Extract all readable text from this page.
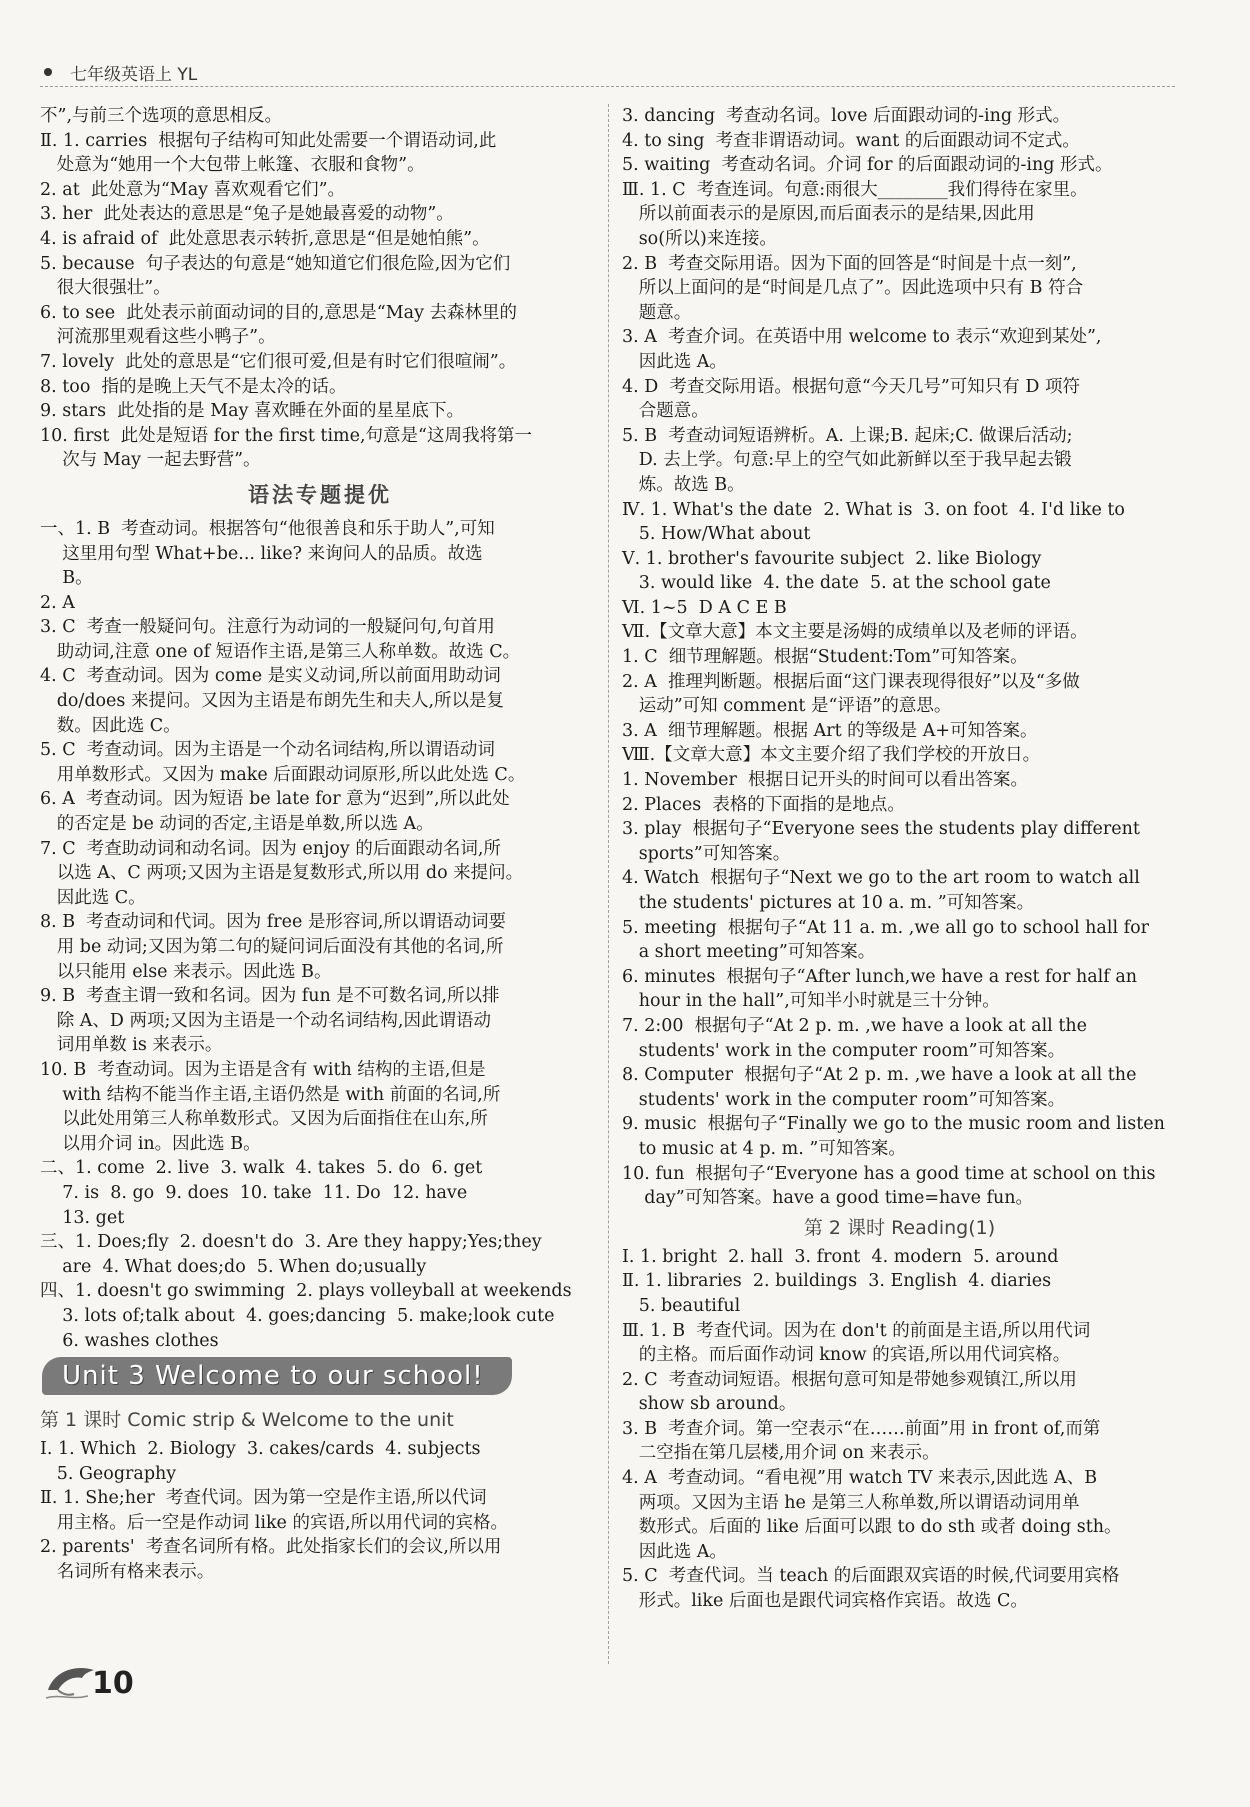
七年级英语上 YL
不”,与前三个选项的意思相反。
Ⅱ. 1. carries  根据句子结构可知此处需要一个谓语动词,此
处意为“她用一个大包带上帐篷、衣服和食物”。
2. at  此处意为“May 喜欢观看它们”。
3. her  此处表达的意思是“兔子是她最喜爱的动物”。
4. is afraid of  此处意思表示转折,意思是“但是她怕熊”。
5. because  句子表达的句意是“她知道它们很危险,因为它们
很大很强壮”。
6. to see  此处表示前面动词的目的,意思是“May 去森林里的
河流那里观看这些小鸭子”。
7. lovely  此处的意思是“它们很可爱,但是有时它们很喧闹”。
8. too  指的是晚上天气不是太冷的话。
9. stars  此处指的是 May 喜欢睡在外面的星星底下。
10. first  此处是短语 for the first time,句意是“这周我将第一
次与 May 一起去野营”。
语法专题提优
一、1. B  考查动词。根据答句“他很善良和乐于助人”,可知
这里用句型 What+be... like? 来询问人的品质。故选
B。
2. A
3. C  考查一般疑问句。注意行为动词的一般疑问句,句首用
助动词,注意 one of 短语作主语,是第三人称单数。故选 C。
4. C  考查动词。因为 come 是实义动词,所以前面用助动词
do/does 来提问。又因为主语是布朗先生和夫人,所以是复
数。因此选 C。
5. C  考查动词。因为主语是一个动名词结构,所以谓语动词
用单数形式。又因为 make 后面跟动词原形,所以此处选 C。
6. A  考查动词。因为短语 be late for 意为“迟到”,所以此处
的否定是 be 动词的否定,主语是单数,所以选 A。
7. C  考查助动词和动名词。因为 enjoy 的后面跟动名词,所
以选 A、C 两项;又因为主语是复数形式,所以用 do 来提问。
因此选 C。
8. B  考查动词和代词。因为 free 是形容词,所以谓语动词要
用 be 动词;又因为第二句的疑问词后面没有其他的名词,所
以只能用 else 来表示。因此选 B。
9. B  考查主谓一致和名词。因为 fun 是不可数名词,所以排
除 A、D 两项;又因为主语是一个动名词结构,因此谓语动
词用单数 is 来表示。
10. B  考查动词。因为主语是含有 with 结构的主语,但是
with 结构不能当作主语,主语仍然是 with 前面的名词,所
以此处用第三人称单数形式。又因为后面指住在山东,所
以用介词 in。因此选 B。
二、1. come  2. live  3. walk  4. takes  5. do  6. get
7. is  8. go  9. does  10. take  11. Do  12. have
13. get
三、1. Does;fly  2. doesn't do  3. Are they happy;Yes;they
are  4. What does;do  5. When do;usually
四、1. doesn't go swimming  2. plays volleyball at weekends
3. lots of;talk about  4. goes;dancing  5. make;look cute
6. washes clothes
Unit 3 Welcome to our school!
第 1 课时 Comic strip & Welcome to the unit
Ⅰ. 1. Which  2. Biology  3. cakes/cards  4. subjects
5. Geography
Ⅱ. 1. She;her  考查代词。因为第一空是作主语,所以代词
用主格。后一空是作动词 like 的宾语,所以用代词的宾格。
2. parents'  考查名词所有格。此处指家长们的会议,所以用
名词所有格来表示。
3. dancing  考查动名词。love 后面跟动词的-ing 形式。
4. to sing  考查非谓语动词。want 的后面跟动词不定式。
5. waiting  考查动名词。介词 for 的后面跟动词的-ing 形式。
Ⅲ. 1. C  考查连词。句意:雨很大________我们得待在家里。
所以前面表示的是原因,而后面表示的是结果,因此用
so(所以)来连接。
2. B  考查交际用语。因为下面的回答是“时间是十点一刻”,
所以上面问的是“时间是几点了”。因此选项中只有 B 符合
题意。
3. A  考查介词。在英语中用 welcome to 表示“欢迎到某处”,
因此选 A。
4. D  考查交际用语。根据句意“今天几号”可知只有 D 项符
合题意。
5. B  考查动词短语辨析。A. 上课;B. 起床;C. 做课后活动;
D. 去上学。句意:早上的空气如此新鲜以至于我早起去锻
炼。故选 B。
Ⅳ. 1. What's the date  2. What is  3. on foot  4. I'd like to
5. How/What about
Ⅴ. 1. brother's favourite subject  2. like Biology
3. would like  4. the date  5. at the school gate
Ⅵ. 1~5  D A C E B
Ⅶ.【文章大意】本文主要是汤姆的成绩单以及老师的评语。
1. C  细节理解题。根据“Student:Tom”可知答案。
2. A  推理判断题。根据后面“这门课表现得很好”以及“多做
运动”可知 comment 是“评语”的意思。
3. A  细节理解题。根据 Art 的等级是 A+可知答案。
Ⅷ.【文章大意】本文主要介绍了我们学校的开放日。
1. November  根据日记开头的时间可以看出答案。
2. Places  表格的下面指的是地点。
3. play  根据句子“Everyone sees the students play different
sports”可知答案。
4. Watch  根据句子“Next we go to the art room to watch all
the students' pictures at 10 a. m. ”可知答案。
5. meeting  根据句子“At 11 a. m. ,we all go to school hall for
a short meeting”可知答案。
6. minutes  根据句子“After lunch,we have a rest for half an
hour in the hall”,可知半小时就是三十分钟。
7. 2:00  根据句子“At 2 p. m. ,we have a look at all the
students' work in the computer room”可知答案。
8. Computer  根据句子“At 2 p. m. ,we have a look at all the
students' work in the computer room”可知答案。
9. music  根据句子“Finally we go to the music room and listen
to music at 4 p. m. ”可知答案。
10. fun  根据句子“Everyone has a good time at school on this
day”可知答案。have a good time=have fun。
第 2 课时 Reading(1)
Ⅰ. 1. bright  2. hall  3. front  4. modern  5. around
Ⅱ. 1. libraries  2. buildings  3. English  4. diaries
5. beautiful
Ⅲ. 1. B  考查代词。因为在 don't 的前面是主语,所以用代词
的主格。而后面作动词 know 的宾语,所以用代词宾格。
2. C  考查动词短语。根据句意可知是带她参观镇江,所以用
show sb around。
3. B  考查介词。第一空表示“在……前面”用 in front of,而第
二空指在第几层楼,用介词 on 来表示。
4. A  考查动词。“看电视”用 watch TV 来表示,因此选 A、B
两项。又因为主语 he 是第三人称单数,所以谓语动词用单
数形式。后面的 like 后面可以跟 to do sth 或者 doing sth。
因此选 A。
5. C  考查代词。当 teach 的后面跟双宾语的时候,代词要用宾格
形式。like 后面也是跟代词宾格作宾语。故选 C。
10
